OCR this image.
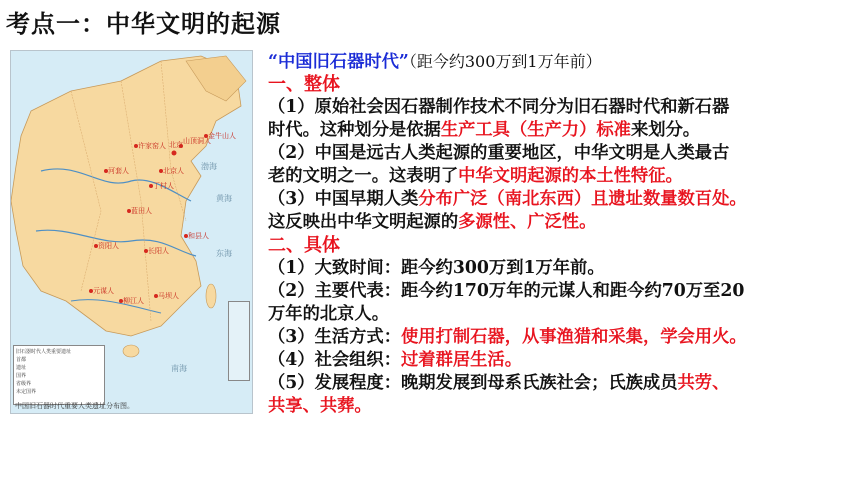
考点一：中华文明的起源
北京
北京人
丁村人
蓝田人
元谋人
马坝人
柳江人
山顶洞人
许家窑人
河套人
长阳人
资阳人
金牛山人
和县人
渤海
黄海
东海
南海
旧石器时代人类重要遗址
首都
遗址
国界
省级界
未定国界
中国旧石器时代重要人类遗址分布图。
“中国旧石器时代”（距今约300万到1万年前）
一、整体
（1）原始社会因石器制作技术不同分为旧石器时代和新石器
时代。这种划分是依据生产工具（生产力）标准来划分。
（2）中国是远古人类起源的重要地区，中华文明是人类最古
老的文明之一。这表明了中华文明起源的本土性特征。
（3）中国早期人类分布广泛（南北东西）且遗址数量数百处。
这反映出中华文明起源的多源性、广泛性。
二、具体
（1）大致时间：距今约300万到1万年前。
（2）主要代表：距今约170万年的元谋人和距今约70万至20
万年的北京人。
（3）生活方式：使用打制石器，从事渔猎和采集，学会用火。
（4）社会组织：过着群居生活。
（5）发展程度：晚期发展到母系氏族社会；氏族成员共劳、
共享、共葬。
